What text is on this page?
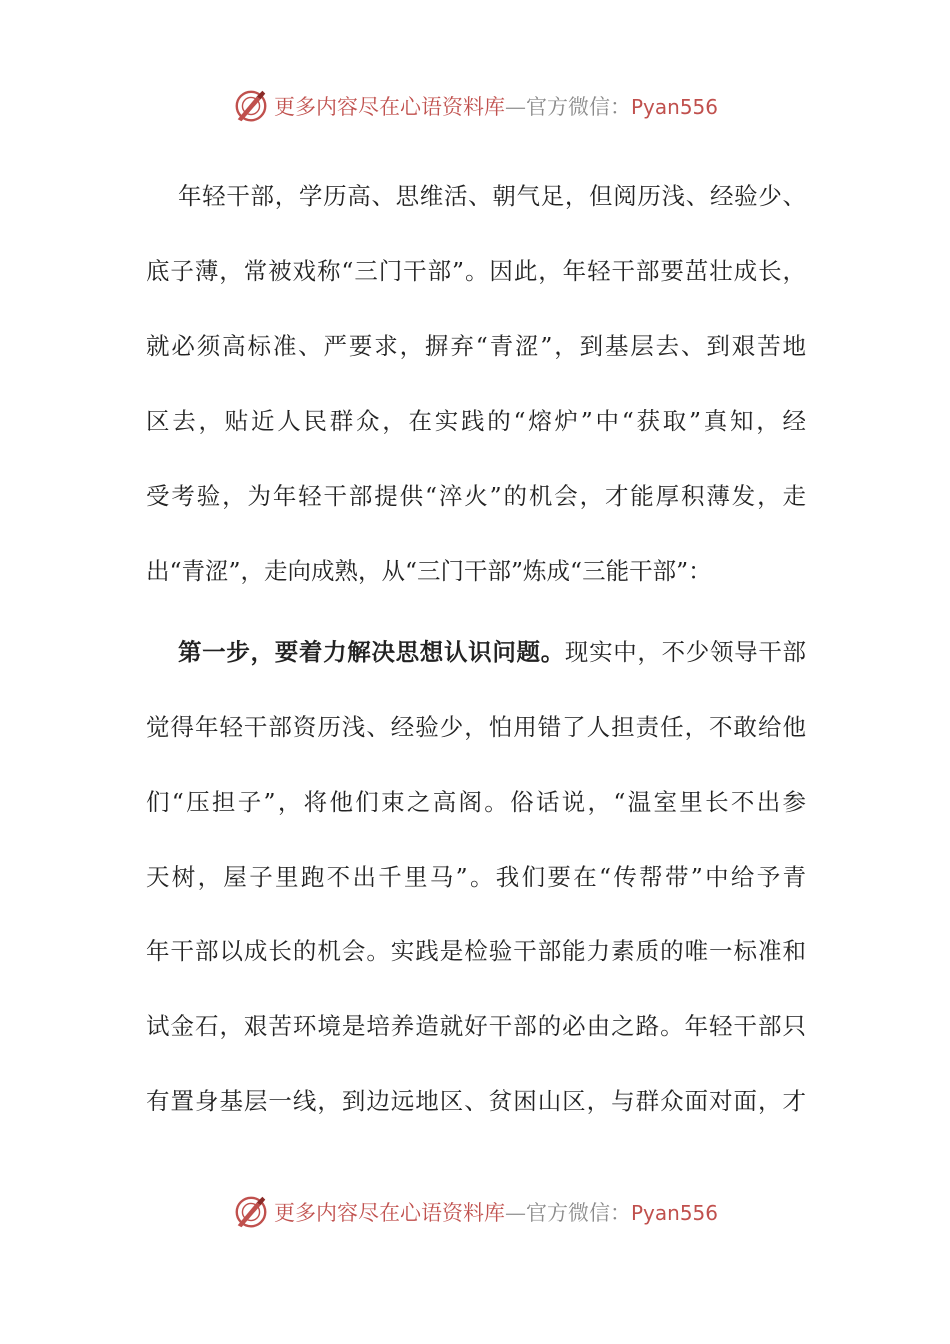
更多内容尽在心语资料库—官方微信：Pyan556
年轻干部，学历高、思维活、朝气足，但阅历浅、经验少、
底子薄，常被戏称“三门干部”。因此，年轻干部要茁壮成长，
就必须高标准、严要求，摒弃“青涩”，到基层去、到艰苦地
区去，贴近人民群众，在实践的“熔炉”中“获取”真知，经
受考验，为年轻干部提供“淬火”的机会，才能厚积薄发，走
出“青涩”，走向成熟，从“三门干部”炼成“三能干部”：
第一步，要着力解决思想认识问题。现实中，不少领导干部
觉得年轻干部资历浅、经验少，怕用错了人担责任，不敢给他
们“压担子”，将他们束之高阁。俗话说，“温室里长不出参
天树，屋子里跑不出千里马”。我们要在“传帮带”中给予青
年干部以成长的机会。实践是检验干部能力素质的唯一标准和
试金石，艰苦环境是培养造就好干部的必由之路。年轻干部只
有置身基层一线，到边远地区、贫困山区，与群众面对面，才
更多内容尽在心语资料库—官方微信：Pyan556
